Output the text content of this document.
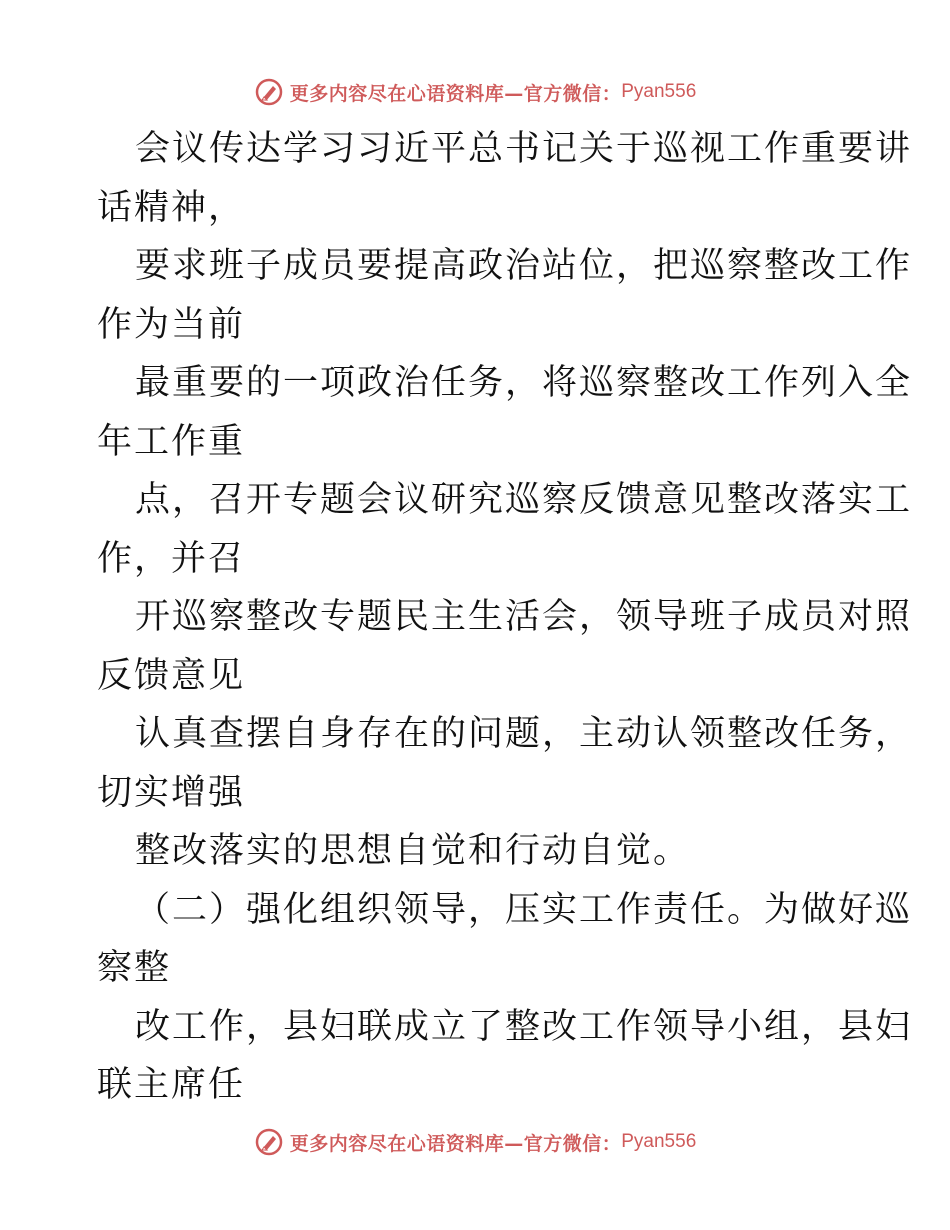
更多内容尽在心语资料库—官方微信： Pyan556
会议传达学习习近平总书记关于巡视工作重要讲
话精神，
要求班子成员要提高政治站位，把巡察整改工作
作为当前
最重要的一项政治任务，将巡察整改工作列入全
年工作重
点，召开专题会议研究巡察反馈意见整改落实工
作，并召
开巡察整改专题民主生活会，领导班子成员对照
反馈意见
认真查摆自身存在的问题，主动认领整改任务，
切实增强
整改落实的思想自觉和行动自觉。
（二）强化组织领导，压实工作责任。为做好巡
察整
改工作，县妇联成立了整改工作领导小组，县妇
联主席任
更多内容尽在心语资料库—官方微信： Pyan556
